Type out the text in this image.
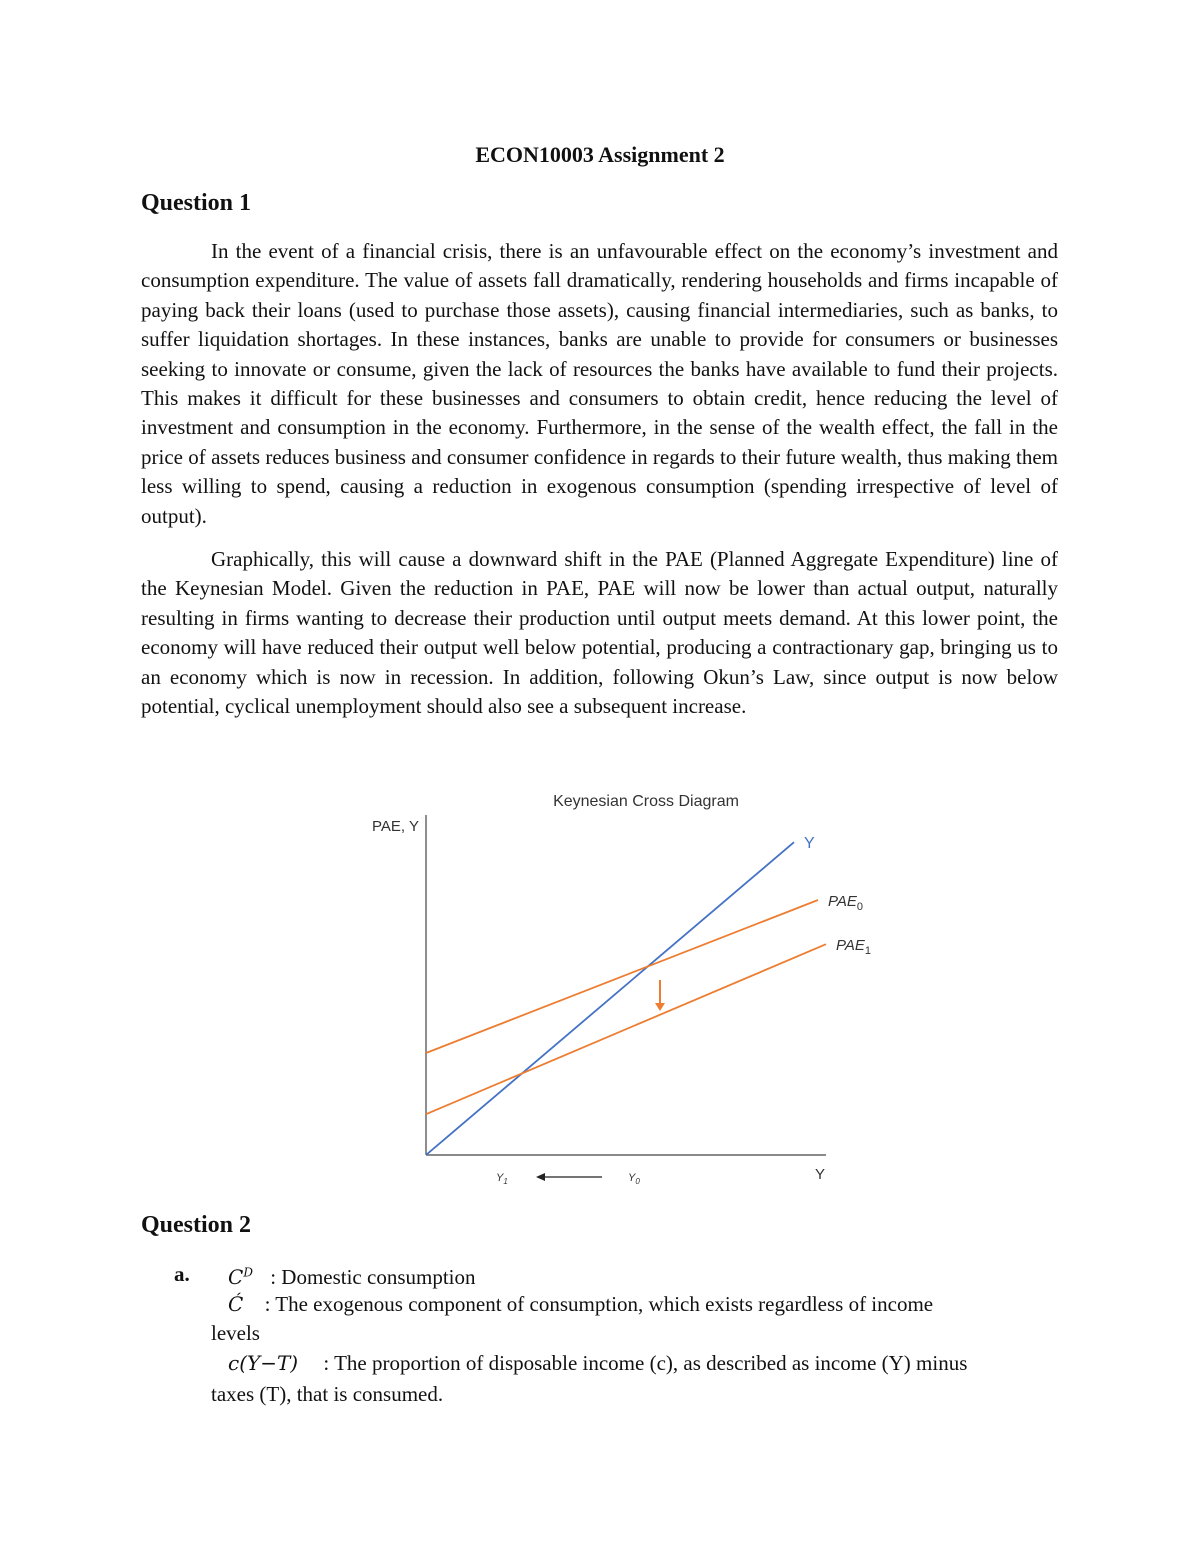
ECON10003 Assignment 2
Question 1

In the event of a financial crisis, there is an unfavourable effect on the economy’s investment and consumption expenditure. The value of assets fall dramatically, rendering households and firms incapable of paying back their loans (used to purchase those assets), causing financial intermediaries, such as banks, to suffer liquidation shortages. In these instances, banks are unable to provide for consumers or businesses seeking to innovate or consume, given the lack of resources the banks have available to fund their projects. This makes it difficult for these businesses and consumers to obtain credit, hence reducing the level of investment and consumption in the economy. Furthermore, in the sense of the wealth effect, the fall in the price of assets reduces business and consumer confidence in regards to their future wealth, thus making them less willing to spend, causing a reduction in exogenous consumption (spending irrespective of level of output).

Graphically, this will cause a downward shift in the PAE (Planned Aggregate Expenditure) line of the Keynesian Model. Given the reduction in PAE, PAE will now be lower than actual output, naturally resulting in firms wanting to decrease their production until output meets demand. At this lower point, the economy will have reduced their output well below potential, producing a contractionary gap, bringing us to an economy which is now in recession. In addition, following Okun’s Law, since output is now below potential, cyclical unemployment should also see a subsequent increase.

Keynesian Cross Diagram
PAE, Y
Y
Y
$PAE_0$
$PAE_1$
$Y_1$	$Y_0$
Question 2
a. $C^D$ : Domestic consumption
Ć : The exogenous component of consumption, which exists regardless of income
levels
c(Y−T) : The proportion of disposable income (c), as described as income (Y) minus
taxes (T), that is consumed.
